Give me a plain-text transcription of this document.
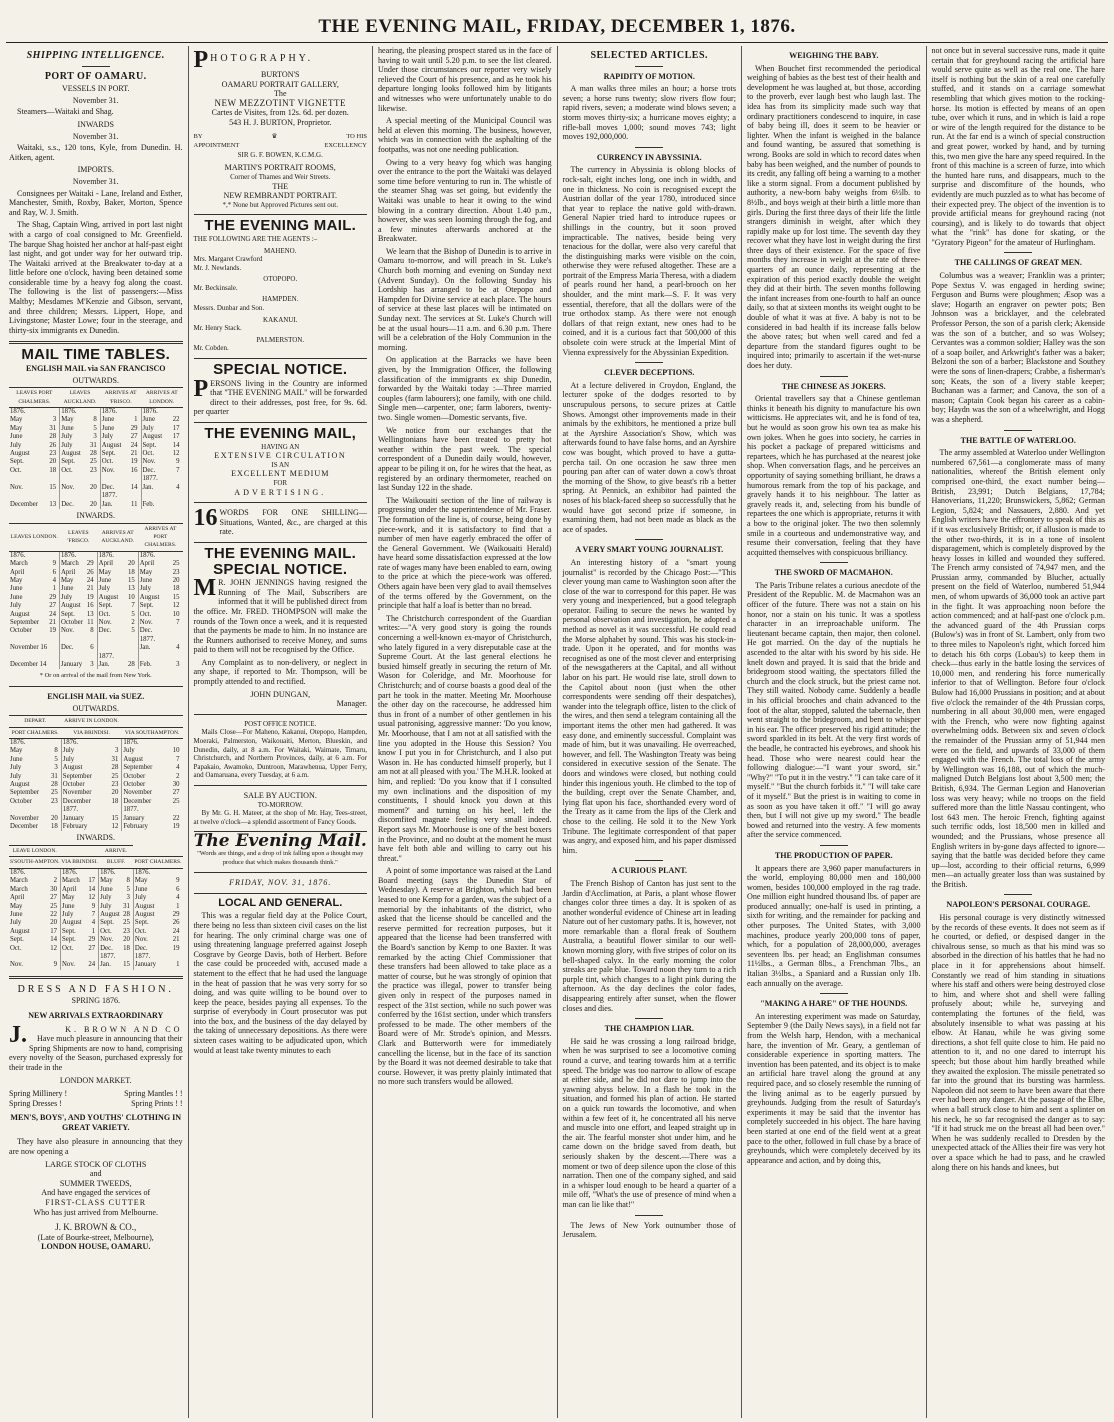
THE EVENING MAIL, FRIDAY, DECEMBER 1, 1876.
SHIPPING INTELLIGENCE.
PORT OF OAMARU.
VESSELS IN PORT.
November 31.

Steamers—Waitaki and Shag.

INWARDS
November 31.

Waitaki, s.s., 120 tons, Kyle, from Dunedin. H. Aitken, agent.

IMPORTS.
November 31.

Consignees per Waitaki - Lane, Ireland and Esther, Manchester, Smith, Roxby, Baker, Morton, Spence and Ray, W. J. Smith.

The Shag, Captain Wing, arrived in port last night with a cargo of coal consigned to Mr. Greenfield. The barque Shag hoisted her anchor at half-past eight last night, and got under way for her outward trip. The Waitaki arrived at the Breakwater to-day at a little before one o'clock, having been detained some considerable time by a heavy fog along the coast. The following is the list of passengers:—Miss Maltby; Mesdames M'Kenzie and Gibson, servant, and three children; Messrs. Lippert, Hope, and Livingstone; Master Lowe; four in the steerage, and thirty-six immigrants ex Dunedin.

MAIL TIME TABLES.
ENGLISH MAIL via SAN FRANCISCO
OUTWARDS.
LEAVES PORT CHALMERS.		LEAVES AUCKLAND.		ARRIVES AT 'FRISCO.		ARRIVES AT LONDON.	
1876.		1876.		1876.		1876.	
May	3	May	8	June	1	June	22
May	31	June	5	June	29	July	17
June	28	July	3	July	27	August	17
July	26	July	31	August	24	Sept.	14
August	23	August	28	Sept.	21	Oct.	12
Sept.	20	Sept.	25	Oct.	19	Nov.	9
Oct.	18	Oct.	23	Nov.	16	Dec.	7
						1877.	
Nov.	15	Nov.	20	Dec.	14	Jan.	4
				1877.			
December	13	Dec.	20	Jan.	11	Feb.	
INWARDS.
LEAVES LONDON.		LEAVES 'FRISCO.		ARRIVES AT AUCKLAND.		ARRIVES AT PORT CHALMERS.	
1876.		1876.		1876.		1876.	
March	9	March	29	April	20	April	25
April	6	April	26	May	18	May	23
May	4	May	24	June	15	June	20
June	1	June	21	July	13	July	18
June	29	July	19	August	10	August	15
July	27	August	16	Sept.	7	Sept.	12
August	24	Sept.	13	Oct.	5	Oct.	10
September	21	October	11	Nov.	2	Nov.	7
October	19	Nov.	8	Dec.	5	Dec.	
						1877.	
November 16		Dec.	6			Jan.	4
				1877.			
December 14		January	3	Jan.	28	Feb.	3
* Or on arrival of the mail from New York.
ENGLISH MAIL via SUEZ.
OUTWARDS.
DEPART.		ARRIVE IN LONDON.			
PORT CHALMERS.		VIA BRINDISI.		VIA SOUTHAMPTON.	
1876.		1876.		1876.	
May	8	July	3	July	10
June	5	July	31	August	7
July	3	August	28	September	4
July	31	September	25	October	2
August	28	October	23	October	30
September	25	November	20	November	27
October	23	December	18	December	25
		1877.		1877.	
November	20	January	15	January	22
December	18	February	12	February	19
INWARDS.
LEAVE LONDON.				ARRIVE.			
S'SOUTH-AMPTON.		VIA BRINDISI.		BLUFF.		PORT CHALMERS.	
1876.		1876.		1876.		1876.	
March	2	March	17	May	8	May	9
March	30	April	14	June	5	June	6
April	27	May	12	July	3	July	4
May	25	June	9	July	31	August	1
June	22	July	7	August	28	August	29
July	20	August	4	Sept.	25	Sept.	26
August	17	Sept.	1	Oct.	23	Oct.	24
Sept.	14	Sept.	29	Nov.	20	Nov.	21
Oct.	12	Oct.	27	Dec.	18	Dec.	19
				1877.		1877.	
Nov.	9	Nov.	24	Jan.	15	January	1
DRESS AND FASHION.
SPRING 1876.
NEW ARRIVALS EXTRAORDINARY
J.	K. BROWN AND CO

Have much pleasure in announcing that their Spring Shipments are now to hand, comprising every novelty of the Season, purchased expressly for their trade in the

LONDON MARKET.
Spring Millinery !	Spring Mantles ! !
Spring Dresses !	Spring Prints ! !
MEN'S, BOYS', AND YOUTHS' CLOTHING IN GREAT VARIETY.

They have also pleasure in announcing that they are now opening a

LARGE STOCK OF CLOTHS
and
SUMMER TWEEDS,
And have engaged the services of
FIRST-CLASS CUTTER
Who has just arrived from Melbourne.
J. K. BROWN & CO.,
(Late of Bourke-street, Melbourne),
LONDON HOUSE, OAMARU.
P HOTOGRAPHY.
BURTON'S
OAMARU PORTRAIT GALLERY,
The
NEW MEZZOTINT VIGNETTE
Cartes de Visites, from 12s. 6d. per dozen.
543 H. J. BURTON, Proprietor.
BY	♛	TO HIS
APPOINTMENT	EXCELLENCY
SIR G. F. BOWEN, K.C.M.G.
MARTIN'S PORTRAIT ROOMS,
Corner of Thames and Weir Streets.
THE
NEW REMBRANDT PORTRAIT.
*,* None but Approved Pictures sent out.
THE EVENING MAIL.
THE FOLLOWING ARE THE AGENTS :–
MAHENO.
Mrs. Margaret Crawford
Mr. J. Newlands.
OTOPOPO.
Mr. Beckinsale.
HAMPDEN.
Messrs. Dunbar and Son.
KAKANUI.
Mr. Henry Stack.
PALMERSTON.
Mr. Cobden.
SPECIAL NOTICE.
P ERSONS living in the Country are informed that "THE EVENING MAIL" will be forwarded direct to their addresses, post free, for 9s. 6d. per quarter

THE EVENING MAIL,
HAVING AN
EXTENSIVE CIRCULATION
IS AN
EXCELLENT MEDIUM
FOR
ADVERTISING.
16 WORDS FOR ONE SHILLING— Situations, Wanted, &c., are charged at this rate.

THE EVENING MAIL.
SPECIAL NOTICE.
M R. JOHN JENNINGS having resigned the Running of The Mail, Subscribers are informed that it will be published direct from the office. Mr. FRED. THOMPSON will make the rounds of the Town once a week, and it is requested that the payments be made to him. In no instance are the Runners authorised to receive Money, and sums paid to them will not be recognised by the Office.

Any Complaint as to non-delivery, or neglect in any shape, if reported to Mr. Thompson, will be promptly attended to and rectified.

JOHN DUNGAN,
Manager.
POST OFFICE NOTICE.

Mails Close—For Maheno, Kakanui, Otepopo, Hampden, Moeraki, Palmerston, Waikouaiti, Merton, Blueskin, and Dunedin, daily, at 8 a.m. For Waitaki, Waimate, Timaru, Christchurch, and Northern Provinces, daily, at 6 a.m. For Papakaio, Awamoko, Duntroon, Marawhenua, Upper Ferry, and Oamaruana, every Tuesday, at 6 a.m.

SALE BY AUCTION.
TO-MORROW.

By Mr. G. H. Mateer, at the shop of Mr. Hay, Tees-street, at twelve o'clock—a splendid assortment of Fancy Goods.

The Evening Mail.
"Words are things, and a drop of ink falling upon a thought may produce that which makes thousands think."
FRIDAY, NOV. 31, 1876.
LOCAL AND GENERAL.

This was a regular field day at the Police Court, there being no less than sixteen civil cases on the list for hearing. The only criminal charge was one of using threatening language preferred against Joseph Cosgrave by George Davis, both of Herbert. Before the case could be proceeded with, accused made a statement to the effect that he had used the language in the heat of passion that he was very sorry for so doing, and was quite willing to be bound over to keep the peace, besides paying all expenses. To the surprise of everybody in Court prosecutor was put into the box, and the business of the day delayed by the taking of unnecessary depositions. As there were sixteen cases waiting to be adjudicated upon, which would at least take twenty minutes to each

hearing, the pleasing prospect stared us in the face of having to wait until 5.20 p.m. to see the list cleared. Under those circumstances our reporter very wisely relieved the Court of his presence, and as he took his departure longing looks followed him by litigants and witnesses who were unfortunately unable to do likewise.

A special meeting of the Municipal Council was held at eleven this morning. The business, however, which was in connection with the asphalting of the footpaths, was not one needing publication.

Owing to a very heavy fog which was hanging over the entrance to the port the Waitaki was delayed some time before venturing to run in. The whistle of the steamer Shag was set going, but evidently the Waitaki was unable to hear it owing to the wind blowing in a contrary direction. About 1.40 p.m., however, she was seen looming through the fog, and a few minutes afterwards anchored at the Breakwater.

We learn that the Bishop of Dunedin is to arrive in Oamaru to-morrow, and will preach in St. Luke's Church both morning and evening on Sunday next (Advent Sunday). On the following Sunday his Lordship has arranged to be at Otepopo and Hampden for Divine service at each place. The hours of service at these last places will be intimated on Sunday next. The services at St. Luke's Church will be at the usual hours—11 a.m. and 6.30 p.m. There will be a celebration of the Holy Communion in the morning.

On application at the Barracks we have been given, by the Immigration Officer, the following classification of the immigrants ex ship Dunedin, forwarded by the Waitaki today :—Three married couples (farm labourers); one family, with one child. Single men—carpenter, one; farm laborers, twenty-two. Single women—Domestic servants, five.

We notice from our exchanges that the Wellingtonians have been treated to pretty hot weather within the past week. The special correspondent of a Dunedin daily would, however, appear to be piling it on, for he wires that the heat, as registered by an ordinary thermometer, reached on last Sunday 122 in the shade.

The Waikouaiti section of the line of railway is progressing under the superintendence of Mr. Fraser. The formation of the line is, of course, being done by piece-work, and it is satisfactory to find that a number of men have eagerly embraced the offer of the General Government. We (Waikouaiti Herald) have heard some dissatisfaction expressed at the low rate of wages many have been enabled to earn, owing to the price at which the piece-work was offered. Others again have been very glad to avail themselves of the terms offered by the Government, on the principle that half a loaf is better than no bread.

The Christchurch correspondent of the Guardian writes:—"A very good story is going the rounds concerning a well-known ex-mayor of Christchurch, who lately figured in a very disreputable case at the Supreme Court. At the last general elections he busied himself greatly in securing the return of Mr. Wason for Coleridge, and Mr. Moorhouse for Christchurch; and of course boasts a good deal of the part he took in the matter. Meeting Mr. Moorhouse the other day on the racecourse, he addressed him thus in front of a number of other gentlemen in his usual patronising, aggressive manner: 'Do you know, Mr. Moorhouse, that I am not at all satisfied with the line you adopted in the House this Session? You know I put you in for Christchurch, and I also put Wason in. He has conducted himself properly, but I am not at all pleased with you.' The M.H.R. looked at him, and replied: 'Do you know that if I consulted my own inclinations and the disposition of my constituents, I should knock you down at this moment?' and turning on his heel, left the discomfited magnate feeling very small indeed. Report says Mr. Moorhouse is one of the best boxers in the Province, and no doubt at the moment he must have felt both able and willing to carry out his threat."

A point of some importance was raised at the Land Board meeting (says the Dunedin Star of Wednesday). A reserve at Brighton, which had been leased to one Kemp for a garden, was the subject of a memorial by the inhabitants of the district, who asked that the license should be cancelled and the reserve permitted for recreation purposes, but it appeared that the license had been transferred with the Board's sanction by Kemp to one Baxter. It was remarked by the acting Chief Commissioner that these transfers had been allowed to take place as a matter of course, but he was strongly of opinion that the practice was illegal, power to transfer being given only in respect of the purposes named in respect of the 31st section, while no such power was conferred by the 161st section, under which transfers professed to be made. The other members of the Board were of Mr. Strode's opinion, and Messrs. Clark and Butterworth were for immediately cancelling the license, but in the face of its sanction by the Board it was not deemed desirable to take that course. However, it was pretty plainly intimated that no more such transfers would be allowed.

SELECTED ARTICLES.
RAPIDITY OF MOTION.

A man walks three miles an hour; a horse trots seven; a horse runs twenty; slow rivers flow four; rapid rivers, seven; a moderate wind blows seven; a storm moves thirty-six; a hurricane moves eighty; a rifle-ball moves 1,000; sound moves 743; light moves 192,000,000.

CURRENCY IN ABYSSINIA.

The currency in Abyssinia is oblong blocks of rock-salt, eight inches long, one inch in width, and one in thickness. No coin is recognised except the Austrian dollar of the year 1780, introduced since that year to replace the native gold with-drawn. General Napier tried hard to introduce rupees or shillings in the country, but it soon proved impracticable. The natives, beside being very tenacious for the dollar, were also very careful that the distinguishing marks were visible on the coin, otherwise they were refused altogether. These are a portrait of the Empress Maria Theresa, with a diadem of pearls round her hand, a pearl-brooch on her shoulder, and the mint mark—S. F. It was very essential, therefore, that all the dollars were of the true orthodox stamp. As there were not enough dollars of that reign extant, new ones had to be coined, and it is a curious fact that 500,000 of this obsolete coin were struck at the Imperial Mint of Vienna expressively for the Abyssinian Expedition.

CLEVER DECEPTIONS.

At a lecture delivered in Croydon, England, the lecturer spoke of the dodges resorted to by unscrupulous persons, to secure prizes at Cattle Shows. Amongst other improvements made in their animals by the exhibitors, he mentioned a prize bull at the Ayrshire Association's Show, which was afterwards found to have false horns, and an Ayrshire cow was bought, which proved to have a gutta-percha tail. On one occasion he saw three men pouring pan after can of water down a cow's throat the morning of the Show, to give beast's rib a better spring. At Pennick, an exhibitor had painted the noses of his black-faced sheep so successfully that he would have got second prize if someone, in examining them, had not been made as black as the ace of spades.

A VERY SMART YOUNG JOURNALIST.

An interesting history of a "smart young journalist" is recorded by the Chicago Post:—"This clever young man came to Washington soon after the close of the war to correspond for this paper. He was very young and inexperienced, but a good telegraph operator. Failing to secure the news he wanted by personal observation and investigation, he adopted a method as novel as it was successful. He could read the Morse alphabet by sound. This was his stock-in-trade. Upon it he operated, and for months was recognised as one of the most clever and enterprising of the newsgatherers at the Capital, and all without labor on his part. He would rise late, stroll down to the Capitol about noon (just when the other correspondents were sending off their despatches), wander into the telegraph office, listen to the click of the wires, and then send a telegram containing all the important items the other men had gathered. It was easy done, and eminently successful. Complaint was made of him, but it was unavailing. He overreached, however, and fell. The Washington Treaty was being considered in executive session of the Senate. The doors and windows were closed, but nothing could hinder this ingenious youth. He climbed to the top of the building, crept over the Senate Chamber, and, lying flat upon his face, shorthanded every word of the Treaty as it came from the lips of the Clerk and chose to the ceiling. He sold it to the New York Tribune. The legitimate correspondent of that paper was angry, and exposed him, and his paper dismissed him.

A CURIOUS PLANT.

The French Bishop of Canton has just sent to the Jardin d'Acclimation, at Paris, a plant whose flower changes color three times a day. It is spoken of as another wonderful evidence of Chinese art in leading Nature out of her customary paths. It is, however, not more remarkable than a floral freak of Southern Australia, a beautiful flower similar to our well-known morning glory, with five stripes of color on its bell-shaped calyx. In the early morning the color streaks are pale blue. Toward noon they turn to a rich purple tint, which changes to a light pink during the afternoon. As the day declines the color fades, disappearing entirely after sunset, when the flower closes and dies.

THE CHAMPION LIAR.

He said he was crossing a long railroad bridge, when he was surprised to see a locomotive coming round a curve, and tearing towards him at a terrific speed. The bridge was too narrow to allow of escape at either side, and he did not dare to jump into the yawning abyss below. In a flash he took in the situation, and formed his plan of action. He started on a quick run towards the locomotive, and when within a few feet of it, he concentrated all his nerve and muscle into one effort, and leaped straight up in the air. The fearful monster shot under him, and he came down on the bridge saved from death, but seriously shaken by the descent.—There was a moment or two of deep silence upon the close of this narration. Then one of the company sighed, and said in a whisper loud enough to be heard a quarter of a mile off, "What's the use of presence of mind when a man can lie like that!"

The Jews of New York outnumber those of Jerusalem.

WEIGHING THE BABY.

When Bouchet first recommended the periodical weighing of babies as the best test of their health and development he was laughed at, but those, according to the proverb, ever laugh best who laugh last. The idea has from its simplicity made such way that ordinary practitioners condescend to inquire, in case of baby being ill, does it seem to be heavier or lighter. When the infant is weighed in the balance and found wanting, be assured that something is wrong. Books are sold in which to record dates when baby has been weighed, and the number of pounds to its credit, any falling off being a warning to a mother like a storm signal. From a document published by authority, a new-born baby weighs from 6½lb. to 8½lb., and boys weigh at their birth a little more than girls. During the first three days of their life the little strangers diminish in weight, after which they rapidly make up for lost time. The seventh day they recover what they have lost in weight during the first three days of their existence. For the space of five months they increase in weight at the rate of three-quarters of an ounce daily, representing at the expiration of this period exactly double the weight they did at their birth. The seven months following the infant increases from one-fourth to half an ounce daily, so that at sixteen months its weight ought to be double of what it was at five. A baby is not to be considered in bad health if its increase falls below the above rates; but when well cared and fed a departure from the standard figures ought to be inquired into; primarily to ascertain if the wet-nurse does her duty.

THE CHINESE AS JOKERS.

Oriental travellers say that a Chinese gentleman thinks it beneath his dignity to manufacture his own witticisms. He appreciates wit, and he is fond of tea, but he would as soon grow his own tea as make his own jokes. When he goes into society, he carries in his pocket a package of prepared witticisms and repartees, which he has purchased at the nearest joke shop. When conversation flags, and he perceives an opportunity of saying something brilliant, he draws a humorous remark from the top of his package, and gravely hands it to his neighbour. The latter as gravely reads it, and, selecting from his bundle of repartees the one which is appropriate, returns it with a bow to the original joker. The two then solemnly smile in a courteous and undemonstrative way, and resume their conversation, feeling that they have acquitted themselves with conspicuous brilliancy.

THE SWORD OF MACMAHON.

The Paris Tribune relates a curious anecdote of the President of the Republic. M. de Macmahon was an officer of the future. There was not a stain on his honor, nor a stain on his tunic. It was a spotless character in an irreproachable uniform. The lieutenant became captain, then major, then colonel. He got married. On the day of the nuptials he ascended to the altar with his sword by his side. He knelt down and prayed. It is said that the bride and bridegroom stood waiting, the spectators filled the church and the clock struck, but the priest came not. They still waited. Nobody came. Suddenly a beadle in his official brooches and chain advanced to the foot of the altar, stopped, saluted the tabernacle, then went straight to the bridegroom, and bent to whisper in his ear. The officer preserved his rigid attitude; the sword sparkled in its belt. At the very first words of the beadle, he contracted his eyebrows, and shook his head. Those who were nearest could hear the following dialogue:—"I want your sword, sir." "Why?" "To put it in the vestry." "I can take care of it myself." "But the church forbids it." "I will take care of it myself." But the priest is in waiting to come in as soon as you have taken it off." "I will go away then, but I will not give up my sword." The beadle bowed and returned into the vestry. A few moments after the service commenced.

THE PRODUCTION OF PAPER.

It appears there are 3,960 paper manufacturers in the world, employing 80,000 men and 180,000 women, besides 100,000 employed in the rag trade. One million eight hundred thousand lbs. of paper are produced annually; one-half is used in printing, a sixth for writing, and the remainder for packing and other purposes. The United States, with 3,000 machines, produce yearly 200,000 tons of paper, which, for a population of 28,000,000, averages seventeen lbs. per head; an Englishman consumes 11½lbs., a German 8lbs., a Frenchman 7lbs., an Italian 3½lbs., a Spaniard and a Russian only 1lb. each annually on the average.

"MAKING A HARE" OF THE HOUNDS.

An interesting experiment was made on Saturday, September 9 (the Daily News says), in a field not far from the Welsh harp, Hendon, with a mechanical hare, the invention of Mr. Geary, a gentleman of considerable experience in sporting matters. The invention has been patented, and its object is to make an artificial hare travel along the ground at any required pace, and so closely resemble the running of the living animal as to be eagerly pursued by greyhounds. Judging from the result of Saturday's experiments it may be said that the inventor has completely succeeded in his object. The hare having been started at one end of the field went at a great pace to the other, followed in full chase by a brace of greyhounds, which were completely deceived by its appearance and action, and by doing this,

not once but in several successive runs, made it quite certain that for greyhound racing the artificial hare would serve quite as well as the real one. The hare itself is nothing but the skin of a real one carefully stuffed, and it stands on a carriage somewhat resembling that which gives motion to the rocking-horse. Its motion is effected by means of an open tube, over which it runs, and in which is laid a rope or wire of the length required for the distance to be run. At the far end is a winch of special construction and great power, worked by hand, and by turning this, two men give the hare any speed required. In the front of this machine is a screen of furze, into which the hunted hare runs, and disappears, much to the surprise and discomfiture of the hounds, who evidently are much puzzled as to what has become of their expected prey. The object of the invention is to provide artificial means for greyhound racing (not coursing), and is likely to do towards that object what the "rink" has done for skating, or the "Gyratory Pigeon" for the amateur of Hurlingham.

THE CALLINGS OF GREAT MEN.

Columbus was a weaver; Franklin was a printer; Pope Sextus V. was engaged in herding swine; Ferguson and Burns were ploughmen; Æsop was a slave; Hogarth an engraver on pewter pots; Ben Johnson was a bricklayer, and the celebrated Professor Person, the son of a parish clerk; Akenside was the son of a butcher, and so was Wolsey; Cervantes was a common soldier; Halley was the son of a soap boiler, and Arkwright's father was a baker; Belzoni the son of a barber; Blackstone and Southey were the sons of linen-drapers; Crabbe, a fisherman's son; Keats, the son of a livery stable keeper; Buchanan was a farmer; and Canova, the son of a mason; Captain Cook began his career as a cabin-boy; Haydn was the son of a wheelwright, and Hogg was a shepherd.

THE BATTLE OF WATERLOO.

The army assembled at Waterloo under Wellington numbered 67,561—a conglomerate mass of many nationalities, whereof the British element only comprised one-third, the exact number being—British, 23,991; Dutch Belgians, 17,784; Hanoverians, 11,220; Brunswickers, 5,862; German Legion, 5,824; and Nassauers, 2,880. And yet English writers have the effrontery to speak of this as if it was exclusively British; or, if allusion is made to the other two-thirds, it is in a tone of insolent disparagement, which is completely disproved by the heavy losses in killed and wounded they suffered. The French army consisted of 74,947 men, and the Prussian army, commanded by Blucher, actually present on the field of Waterloo, numbered 51,944 men, of whom upwards of 36,000 took an active part in the fight. It was approaching noon before the action commenced; and at half-past one o'clock p.m. the advanced guard of the 4th Prussian corps (Bulow's) was in front of St. Lambert, only from two to three miles to Napoleon's right, which forced him to detach his 6th corps (Lobau's) to keep them in check—thus early in the battle losing the services of 10,000 men, and rendering his force numerically inferior to that of Wellington. Before four o'clock Bulow had 16,000 Prussians in position; and at about five o'clock the remainder of the 4th Prussian corps, numbering in all about 30,000 men, were engaged with the French, who were now fighting against overwhelming odds. Between six and seven o'clock the remainder of the Prussian army of 51,944 men were on the field, and upwards of 33,000 of them engaged with the French. The total loss of the army by Wellington was 16,188, out of which the much-maligned Dutch Belgians lost about 3,500 men; the British, 6,934. The German Legion and Hanoverian loss was very heavy; while no troops on the field suffered more than the little Nassau contingent, who lost 643 men. The heroic French, fighting against such terrific odds, lost 18,500 men in killed and wounded; and the Prussians, whose presence all English writers in by-gone days affected to ignore—saying that the battle was decided before they came up—lost, according to their official returns, 6,999 men—an actually greater loss than was sustained by the British.

NAPOLEON'S PERSONAL COURAGE.

His personal courage is very distinctly witnessed by the records of these events. It does not seem as if he courted, or defied, or despised danger in the chivalrous sense, so much as that his mind was so absorbed in the direction of his battles that he had no place in it for apprehensions about himself. Constantly we read of him standing in situations where his staff and others were being destroyed close to him, and where shot and shell were falling profusely about; while he, surveying and contemplating the fortunes of the field, was absolutely insensible to what was passing at his elbow. At Hanau, while he was giving some directions, a shot fell quite close to him. He paid no attention to it, and no one dared to interrupt his speech; but those about him hardly breathed while they awaited the explosion. The missile penetrated so far into the ground that its bursting was harmless. Napoleon did not seem to have been aware that there ever had been any danger. At the passage of the Elbe, when a ball struck close to him and sent a splinter on his neck, he so far recognised the danger as to say: "If it had struck me on the breast all had been over." When he was suddenly recalled to Dresden by the unexpected attack of the Allies their fire was very hot over a space which he had to pass, and he crawled along there on his hands and knees, but
